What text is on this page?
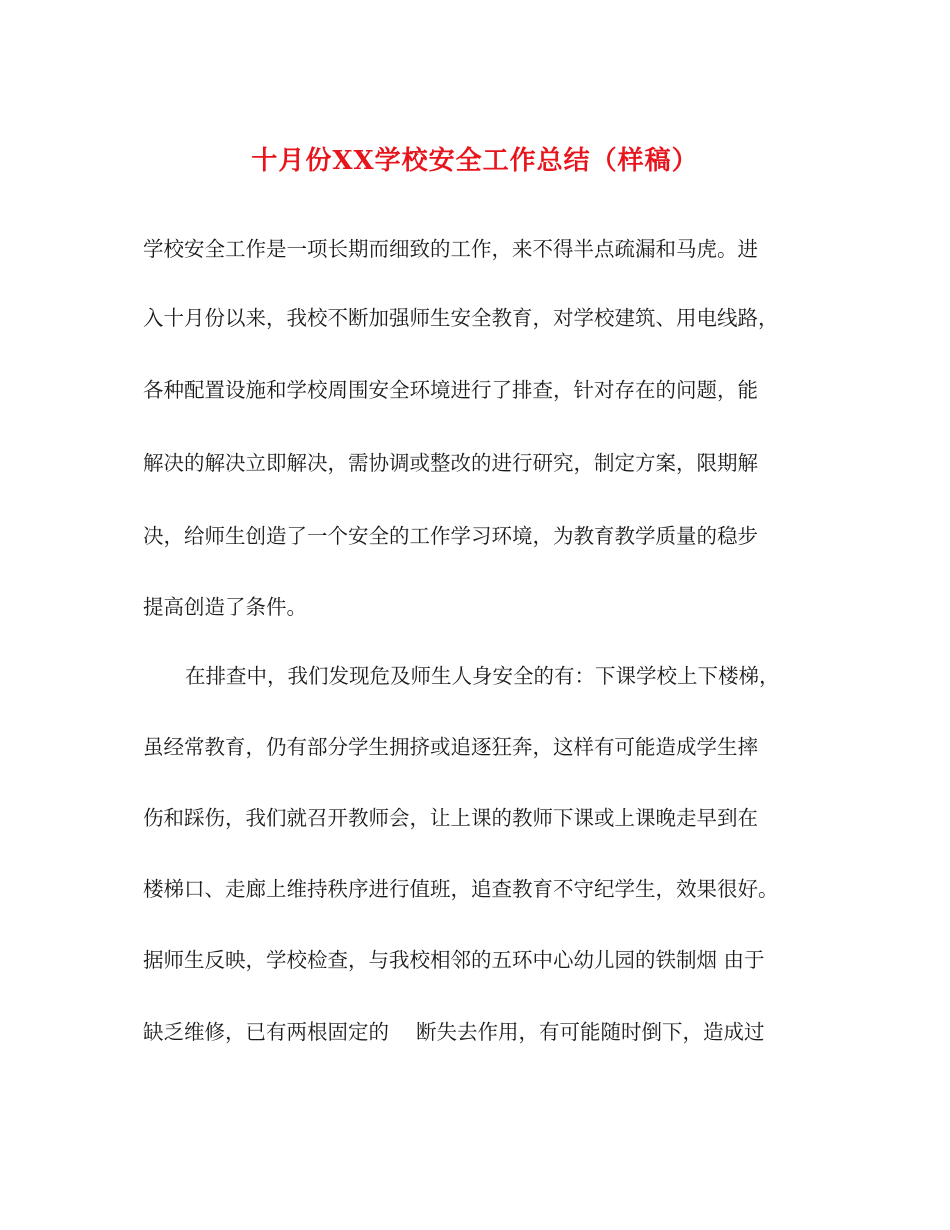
十月份XX学校安全工作总结（样稿）
学校安全工作是一项长期而细致的工作，来不得半点疏漏和马虎。进
入十月份以来，我校不断加强师生安全教育，对学校建筑、用电线路，
各种配置设施和学校周围安全环境进行了排查，针对存在的问题，能
解决的解决立即解决，需协调或整改的进行研究，制定方案，限期解
决，给师生创造了一个安全的工作学习环境，为教育教学质量的稳步
提高创造了条件。
在排查中，我们发现危及师生人身安全的有：下课学校上下楼梯，
虽经常教育，仍有部分学生拥挤或追逐狂奔，这样有可能造成学生摔
伤和踩伤，我们就召开教师会，让上课的教师下课或上课晚走早到在
楼梯口、走廊上维持秩序进行值班，追查教育不守纪学生，效果很好。
据师生反映，学校检查，与我校相邻的五环中心幼儿园的铁制烟 由于
缺乏维修，已有两根固定的　 断失去作用，有可能随时倒下，造成过
